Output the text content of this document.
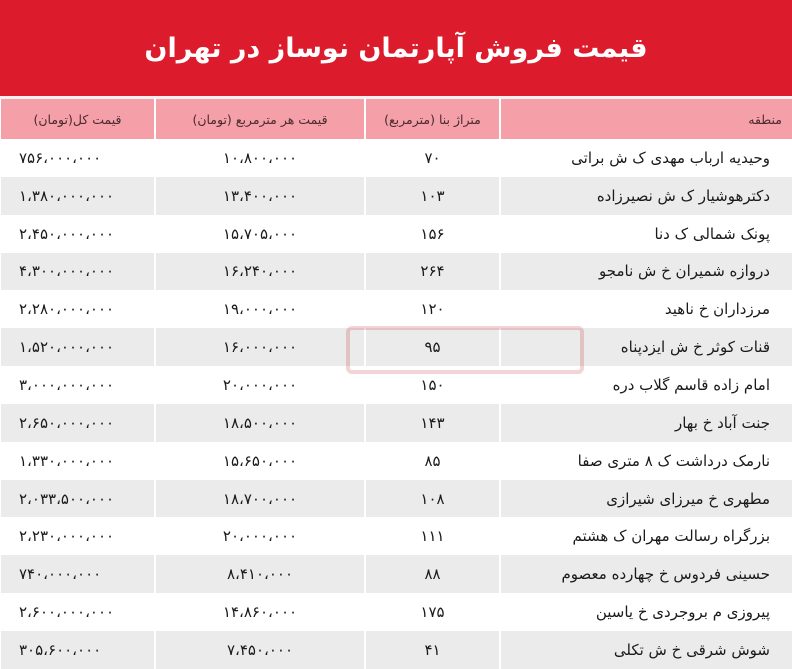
قیمت فروش آپارتمان نوساز در تهران
منطقه	متراژ بنا (مترمربع)	قیمت هر مترمربع (تومان)	قیمت کل(تومان)
وحیدیه ارباب مهدی ک ش براتی	۷۰	۱۰،۸۰۰،۰۰۰	۷۵۶،۰۰۰،۰۰۰
دکترهوشیار ک ش نصیرزاده	۱۰۳	۱۳،۴۰۰،۰۰۰	۱،۳۸۰،۰۰۰،۰۰۰
پونک شمالی ک دنا	۱۵۶	۱۵،۷۰۵،۰۰۰	۲،۴۵۰،۰۰۰،۰۰۰
دروازه شمیران خ ش نامجو	۲۶۴	۱۶،۲۴۰،۰۰۰	۴،۳۰۰،۰۰۰،۰۰۰
مرزداران خ ناهید	۱۲۰	۱۹،۰۰۰،۰۰۰	۲،۲۸۰،۰۰۰،۰۰۰
قنات کوثر خ ش ایزدپناه	۹۵	۱۶،۰۰۰،۰۰۰	۱،۵۲۰،۰۰۰،۰۰۰
امام زاده قاسم گلاب دره	۱۵۰	۲۰،۰۰۰،۰۰۰	۳،۰۰۰،۰۰۰،۰۰۰
جنت آباد خ بهار	۱۴۳	۱۸،۵۰۰،۰۰۰	۲،۶۵۰،۰۰۰،۰۰۰
نارمک درداشت ک ۸ متری صفا	۸۵	۱۵،۶۵۰،۰۰۰	۱،۳۳۰،۰۰۰،۰۰۰
مطهری خ میرزای شیرازی	۱۰۸	۱۸،۷۰۰،۰۰۰	۲،۰۳۳،۵۰۰،۰۰۰
بزرگراه رسالت مهران ک هشتم	۱۱۱	۲۰،۰۰۰،۰۰۰	۲،۲۳۰،۰۰۰،۰۰۰
حسینی فردوس خ چهارده معصوم	۸۸	۸،۴۱۰،۰۰۰	۷۴۰،۰۰۰،۰۰۰
پیروزی م بروجردی خ یاسین	۱۷۵	۱۴،۸۶۰،۰۰۰	۲،۶۰۰،۰۰۰،۰۰۰
شوش شرقی خ ش تکلی	۴۱	۷،۴۵۰،۰۰۰	۳۰۵،۶۰۰،۰۰۰
